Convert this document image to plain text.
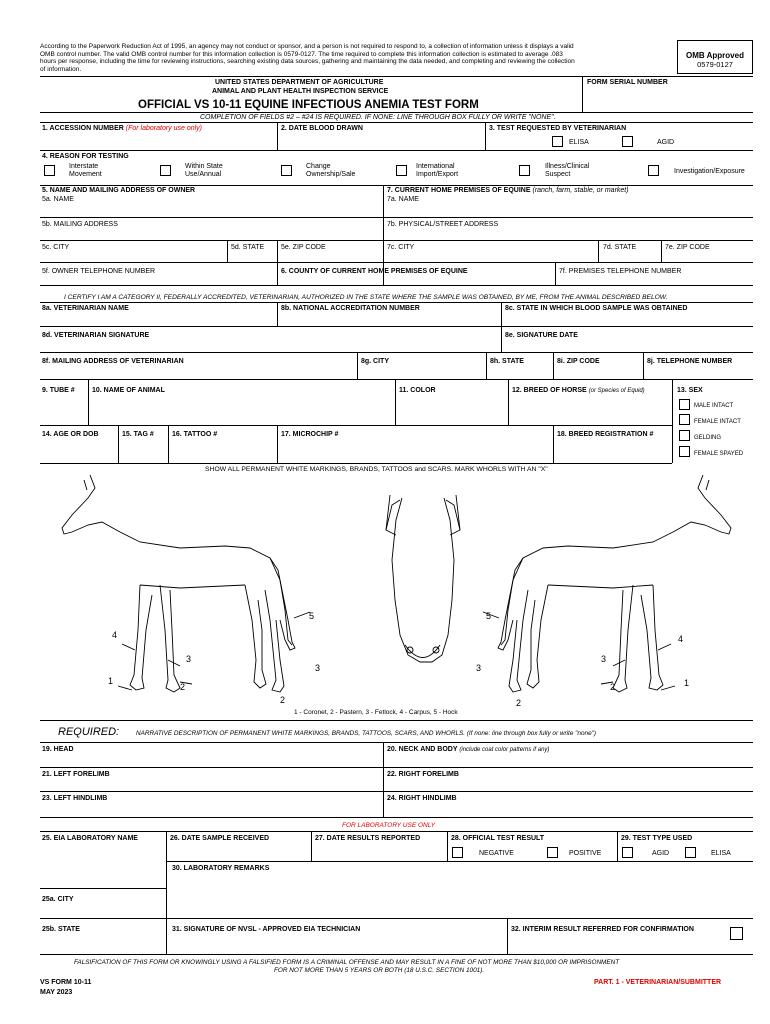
According to the Paperwork Reduction Act of 1995, an agency may not conduct or sponsor, and a person is not required to respond to, a collection of information unless it displays a valid
OMB control number. The valid OMB control number for this information collection is 0579-0127. The time required to complete this information collection is estimated to average .083
hours per response, including the time for reviewing instructions, searching existing data sources, gathering and maintaining the data needed, and completing and reviewing the collection
of information.
OMB Approved
0579-0127
UNITED STATES DEPARTMENT OF AGRICULTURE
ANIMAL AND PLANT HEALTH INSPECTION SERVICE
FORM SERIAL NUMBER
OFFICIAL VS 10-11 EQUINE INFECTIOUS ANEMIA TEST FORM
COMPLETION OF FIELDS #2 – #24 IS REQUIRED. IF NONE: LINE THROUGH BOX FULLY OR WRITE "NONE".
1. ACCESSION NUMBER (For laboratory use only)	2. DATE BLOOD DRAWN	3. TEST REQUESTED BY VETERINARIAN
ELISA	AGID
4. REASON FOR TESTING
Interstate
Movement
Within State
Use/Annual
Change
Ownership/Sale
International
Import/Export
Illness/Clinical
Suspect	Investigation/Exposure
5. NAME AND MAILING ADDRESS OF OWNER	7. CURRENT HOME PREMISES OF EQUINE (ranch, farm, stable, or market)
5a. NAME	7a. NAME
5b. MAILING ADDRESS	7b. PHYSICAL/STREET ADDRESS
5c. CITY	5d. STATE 5e. ZIP CODE	7c. CITY	7d. STATE	7e. ZIP CODE
5f. OWNER TELEPHONE NUMBER	6. COUNTY OF CURRENT HOME PREMISES OF EQUINE	7f. PREMISES TELEPHONE NUMBER
I CERTIFY I AM A CATEGORY II, FEDERALLY ACCREDITED, VETERINARIAN, AUTHORIZED IN THE STATE WHERE THE SAMPLE WAS OBTAINED, BY ME, FROM THE ANIMAL DESCRIBED BELOW.
8a. VETERINARIAN NAME	8b. NATIONAL ACCREDITATION NUMBER	8c. STATE IN WHICH BLOOD SAMPLE WAS OBTAINED
8d. VETERINARIAN SIGNATURE	8e. SIGNATURE DATE
8f. MAILING ADDRESS OF VETERINARIAN	8g. CITY	8h. STATE	8i. ZIP CODE	8j. TELEPHONE NUMBER
9. TUBE # 10. NAME OF ANIMAL	11. COLOR	12. BREED OF HORSE (or Species of Equid)	13. SEX
MALE INTACT
FEMALE INTACT
GELDING
FEMALE SPAYED
14. AGE OR DOB	15. TAG #	16. TATTOO #	17. MICROCHIP #	18. BREED REGISTRATION #
SHOW ALL PERMANENT WHITE MARKINGS, BRANDS, TATTOOS and SCARS. MARK WHORLS WITH AN "X"
4
3
1
2
5
3
2
5
3
2
4
3
2	1
1 - Coronet, 2 - Pastern, 3 - Fetlock, 4 - Carpus, 5 - Hock
REQUIRED:	NARRATIVE DESCRIPTION OF PERMANENT WHITE MARKINGS, BRANDS, TATTOOS, SCARS, AND WHORLS. (If none: line through box fully or write "none")
19. HEAD	20. NECK AND BODY (include coat color patterns if any)
21. LEFT FORELIMB	22. RIGHT FORELIMB
23. LEFT HINDLIMB	24. RIGHT HINDLIMB
FOR LABORATORY USE ONLY
25. EIA LABORATORY NAME	26. DATE SAMPLE RECEIVED	27. DATE RESULTS REPORTED	28. OFFICIAL TEST RESULT
NEGATIVE	POSITIVE
29. TEST TYPE USED
AGID	ELISA
30. LABORATORY REMARKS
25a. CITY
25b. STATE	31. SIGNATURE OF NVSL - APPROVED EIA TECHNICIAN	32. INTERIM RESULT REFERRED FOR CONFIRMATION
FALSIFICATION OF THIS FORM OR KNOWINGLY USING A FALSIFIED FORM IS A CRIMINAL OFFENSE AND MAY RESULT IN A FINE OF NOT MORE THAN $10,000 OR IMPRISONMENT
FOR NOT MORE THAN 5 YEARS OR BOTH (18 U.S.C. SECTION 1001).
VS FORM 10-11
MAY 2023
PART. 1 - VETERINARIAN/SUBMITTER
